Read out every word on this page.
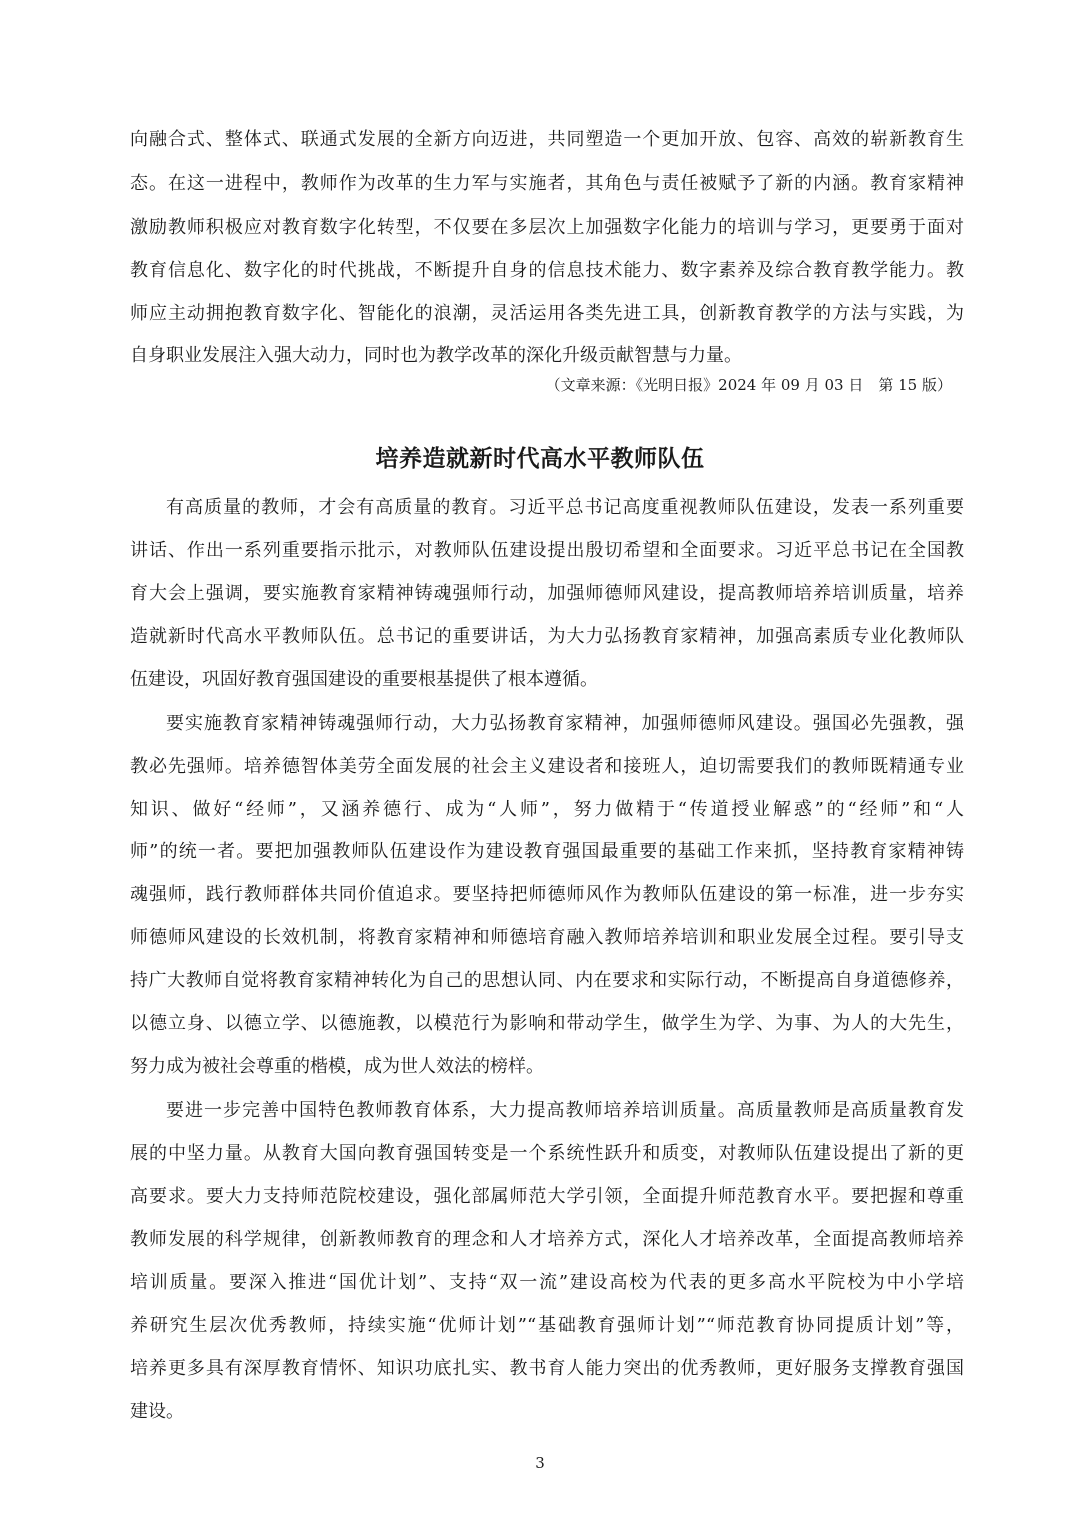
向融合式、整体式、联通式发展的全新方向迈进，共同塑造一个更加开放、包容、高效的崭新教育生
态。在这一进程中，教师作为改革的生力军与实施者，其角色与责任被赋予了新的内涵。教育家精神
激励教师积极应对教育数字化转型，不仅要在多层次上加强数字化能力的培训与学习，更要勇于面对
教育信息化、数字化的时代挑战，不断提升自身的信息技术能力、数字素养及综合教育教学能力。教
师应主动拥抱教育数字化、智能化的浪潮，灵活运用各类先进工具，创新教育教学的方法与实践，为
自身职业发展注入强大动力，同时也为教学改革的深化升级贡献智慧与力量。
（文章来源：《光明日报》2024 年 09 月 03 日　第 15 版）
培养造就新时代高水平教师队伍
有高质量的教师，才会有高质量的教育。习近平总书记高度重视教师队伍建设，发表一系列重要
讲话、作出一系列重要指示批示，对教师队伍建设提出殷切希望和全面要求。习近平总书记在全国教
育大会上强调，要实施教育家精神铸魂强师行动，加强师德师风建设，提高教师培养培训质量，培养
造就新时代高水平教师队伍。总书记的重要讲话，为大力弘扬教育家精神，加强高素质专业化教师队
伍建设，巩固好教育强国建设的重要根基提供了根本遵循。
要实施教育家精神铸魂强师行动，大力弘扬教育家精神，加强师德师风建设。强国必先强教，强
教必先强师。培养德智体美劳全面发展的社会主义建设者和接班人，迫切需要我们的教师既精通专业
知识、做好“经师”，又涵养德行、成为“人师”，努力做精于“传道授业解惑”的“经师”和“人
师”的统一者。要把加强教师队伍建设作为建设教育强国最重要的基础工作来抓，坚持教育家精神铸
魂强师，践行教师群体共同价值追求。要坚持把师德师风作为教师队伍建设的第一标准，进一步夯实
师德师风建设的长效机制，将教育家精神和师德培育融入教师培养培训和职业发展全过程。要引导支
持广大教师自觉将教育家精神转化为自己的思想认同、内在要求和实际行动，不断提高自身道德修养，
以德立身、以德立学、以德施教，以模范行为影响和带动学生，做学生为学、为事、为人的大先生，
努力成为被社会尊重的楷模，成为世人效法的榜样。
要进一步完善中国特色教师教育体系，大力提高教师培养培训质量。高质量教师是高质量教育发
展的中坚力量。从教育大国向教育强国转变是一个系统性跃升和质变，对教师队伍建设提出了新的更
高要求。要大力支持师范院校建设，强化部属师范大学引领，全面提升师范教育水平。要把握和尊重
教师发展的科学规律，创新教师教育的理念和人才培养方式，深化人才培养改革，全面提高教师培养
培训质量。要深入推进“国优计划”、支持“双一流”建设高校为代表的更多高水平院校为中小学培
养研究生层次优秀教师，持续实施“优师计划”“基础教育强师计划”“师范教育协同提质计划”等，
培养更多具有深厚教育情怀、知识功底扎实、教书育人能力突出的优秀教师，更好服务支撑教育强国
建设。
3
